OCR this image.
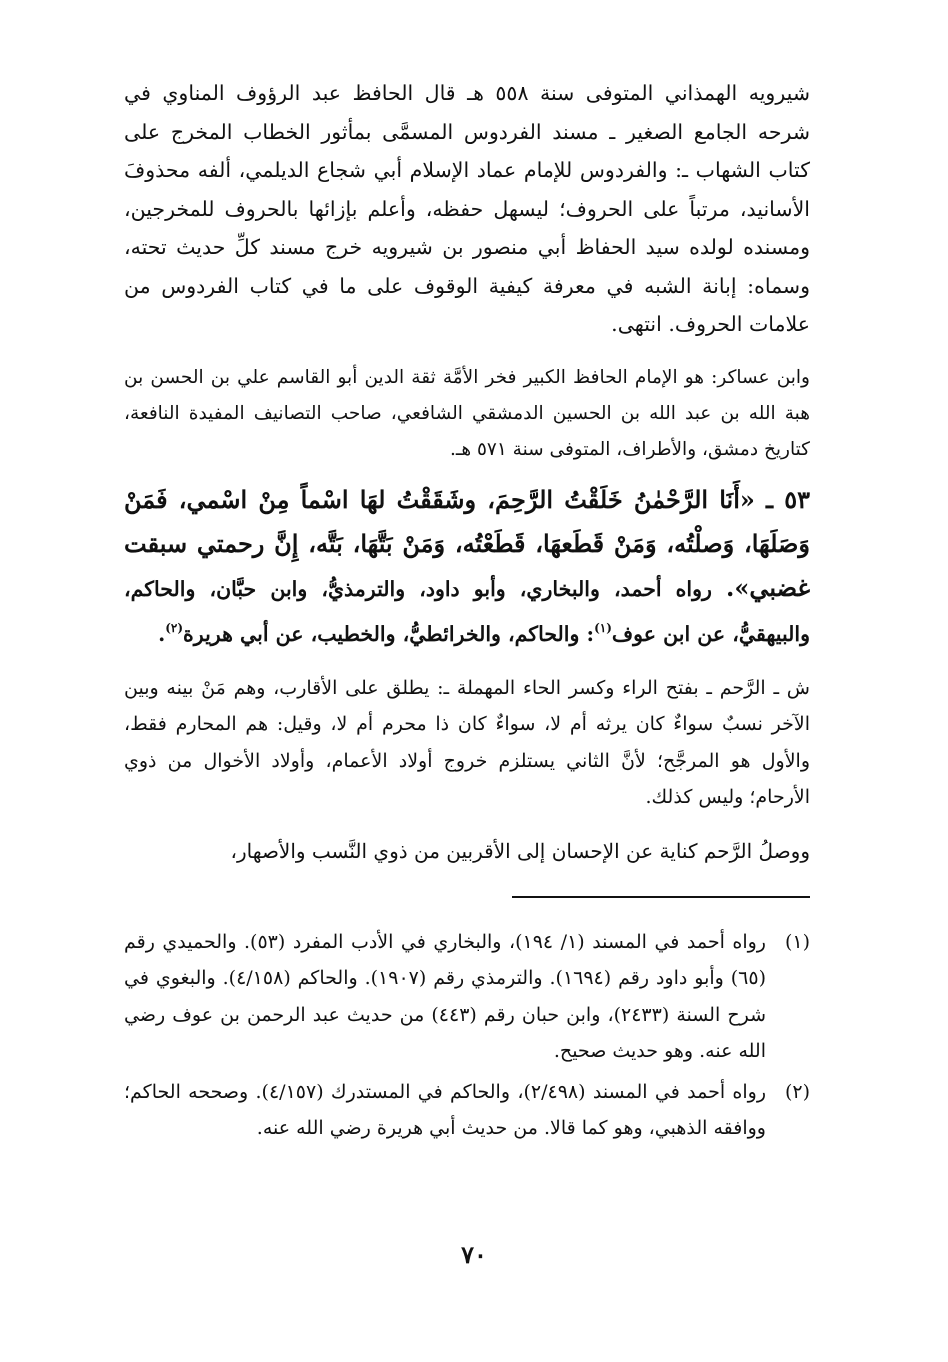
شيرويه الهمذاني المتوفى سنة ٥٥٨ هـ قال الحافظ عبد الرؤوف المناوي في شرحه الجامع الصغير ـ مسند الفردوس المسمَّى بمأثور الخطاب المخرج على كتاب الشهاب ـ: والفردوس للإمام عماد الإسلام أبي شجاع الديلمي، ألفه محذوفَ الأسانيد، مرتباً على الحروف؛ ليسهل حفظه، وأعلم بإزائها بالحروف للمخرجين، ومسنده لولده سيد الحفاظ أبي منصور بن شيرويه خرج مسند كلِّ حديث تحته، وسماه: إبانة الشبه في معرفة كيفية الوقوف على ما في كتاب الفردوس من علامات الحروف. انتهى.

وابن عساكر: هو الإمام الحافظ الكبير فخر الأمَّة ثقة الدين أبو القاسم علي بن الحسن بن هبة الله بن عبد الله بن الحسين الدمشقي الشافعي، صاحب التصانيف المفيدة النافعة، كتاريخ دمشق، والأطراف، المتوفى سنة ٥٧١ هـ.

٥٣ ـ «أَنَا الرَّحْمٰنُ خَلَقْتُ الرَّحِمَ، وشَقَقْتُ لهَا اسْماً مِنْ اسْمي، فَمَنْ وَصَلَهَا، وَصلْتُه، وَمَنْ قَطَعهَا، قَطَعْتُه، وَمَنْ بَتَّهَا، بَتَّه، إِنَّ رحمتي سبقت غضبي». رواه أحمد، والبخاري، وأبو داود، والترمذيُّ، وابن حبَّان، والحاكم، والبيهقيُّ، عن ابن عوف$^{(١)}$: والحاكم، والخرائطيُّ، والخطيب، عن أبي هريرة$^{(٢)}$.

ش ـ الرَّحم ـ بفتح الراء وكسر الحاء المهملة ـ: يطلق على الأقارب، وهم مَنْ بينه وبين الآخر نسبٌ سواءٌ كان يرثه أم لا، سواءٌ كان ذا محرم أم لا، وقيل: هم المحارم فقط، والأول هو المرجَّح؛ لأنَّ الثاني يستلزم خروج أولاد الأعمام، وأولاد الأخوال من ذوي الأرحام؛ وليس كذلك.

ووصلُ الرَّحم كناية عن الإحسان إلى الأقربين من ذوي النَّسب والأصهار،

(١)
رواه أحمد في المسند (١/ ١٩٤)، والبخاري في الأدب المفرد (٥٣). والحميدي رقم (٦٥) وأبو داود رقم (١٦٩٤). والترمذي رقم (١٩٠٧). والحاكم (٤/١٥٨). والبغوي في شرح السنة (٢٤٣٣)، وابن حبان رقم (٤٤٣) من حديث عبد الرحمن بن عوف رضي الله عنه. وهو حديث صحيح.
(٢)
رواه أحمد في المسند (٢/٤٩٨)، والحاكم في المستدرك (٤/١٥٧). وصححه الحاكم؛ ووافقه الذهبي، وهو كما قالا. من حديث أبي هريرة رضي الله عنه.
٧٠
